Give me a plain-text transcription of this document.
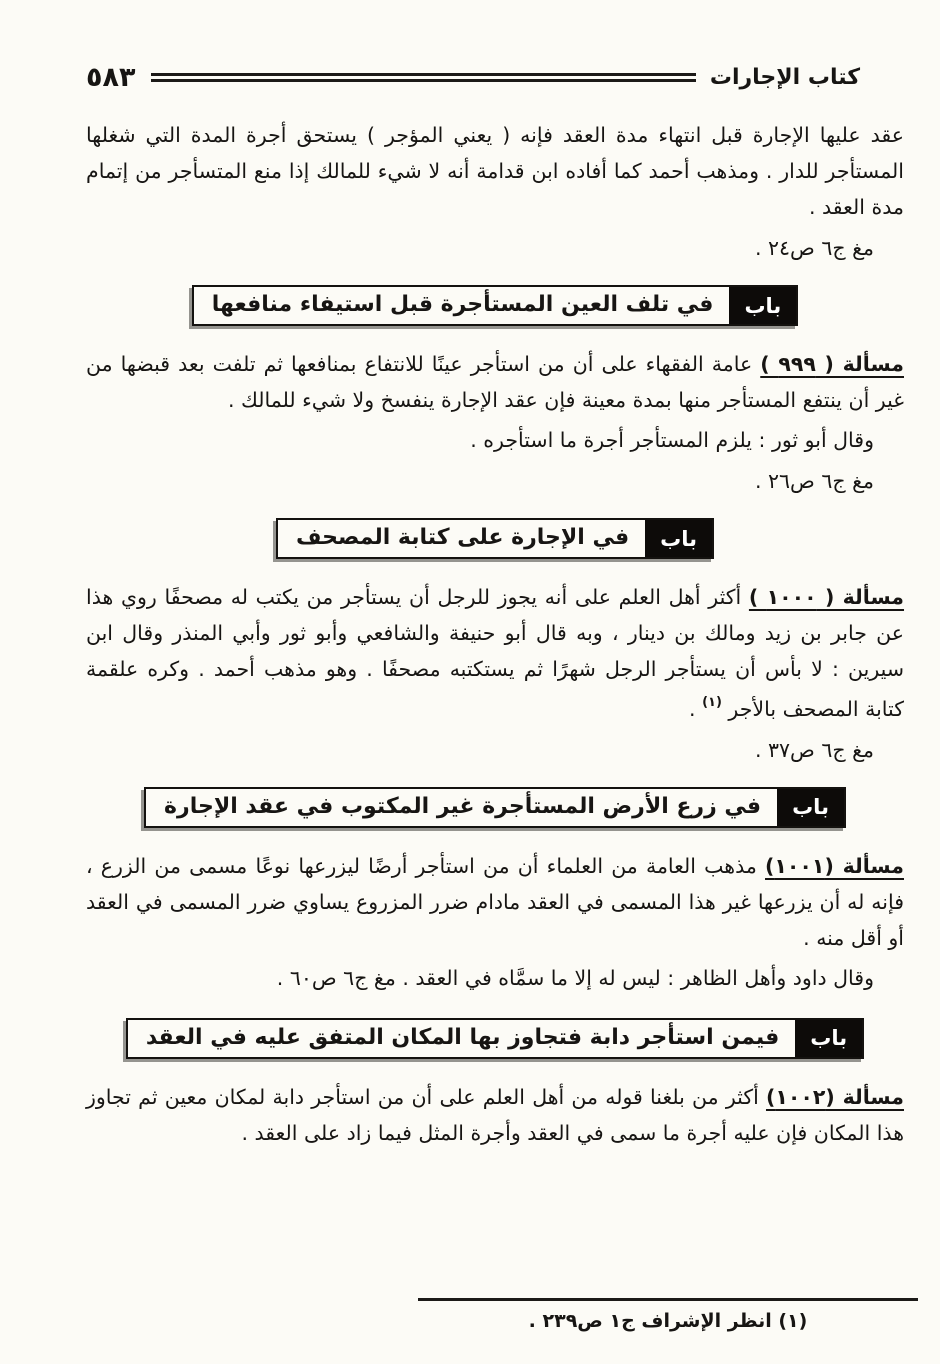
كتاب الإجارات
٥٨٣

عقد عليها الإجارة قبل انتهاء مدة العقد فإنه ( يعني المؤجر ) يستحق أجرة المدة التي شغلها المستأجر للدار . ومذهب أحمد كما أفاده ابن قدامة أنه لا شيء للمالك إذا منع المتسأجر من إتمام مدة العقد .

مغ ج٦ ص٢٤ .

باب
في تلف العين المستأجرة قبل استيفاء منافعها

مسألة ( ٩٩٩ ) عامة الفقهاء على أن من استأجر عينًا للانتفاع بمنافعها ثم تلفت بعد قبضها من غير أن ينتفع المستأجر منها بمدة معينة فإن عقد الإجارة ينفسخ ولا شيء للمالك .

وقال أبو ثور : يلزم المستأجر أجرة ما استأجره .

مغ ج٦ ص٢٦ .

باب
في الإجارة على كتابة المصحف

مسألة ( ١٠٠٠ ) أكثر أهل العلم على أنه يجوز للرجل أن يستأجر من يكتب له مصحفًا روي هذا عن جابر بن زيد ومالك بن دينار ، وبه قال أبو حنيفة والشافعي وأبو ثور وأبي المنذر وقال ابن سيرين : لا بأس أن يستأجر الرجل شهرًا ثم يستكتبه مصحفًا . وهو مذهب أحمد . وكره علقمة كتابة المصحف بالأجر $^{(١)}$ .

مغ ج٦ ص٣٧ .

باب
في زرع الأرض المستأجرة غير المكتوب في عقد الإجارة

مسألة (١٠٠١) مذهب العامة من العلماء أن من استأجر أرضًا ليزرعها نوعًا مسمى من الزرع ، فإنه له أن يزرعها غير هذا المسمى في العقد مادام ضرر المزروع يساوي ضرر المسمى في العقد أو أقل منه .

وقال داود وأهل الظاهر : ليس له إلا ما سمَّاه في العقد . مغ ج٦ ص٦٠ .

باب
فيمن استأجر دابة فتجاوز بها المكان المتفق عليه في العقد

مسألة (١٠٠٢) أكثر من بلغنا قوله من أهل العلم على أن من استأجر دابة لمكان معين ثم تجاوز هذا المكان فإن عليه أجرة ما سمى في العقد وأجرة المثل فيما زاد على العقد .

(١) انظر الإشراف ج١ ص٢٣٩ .
